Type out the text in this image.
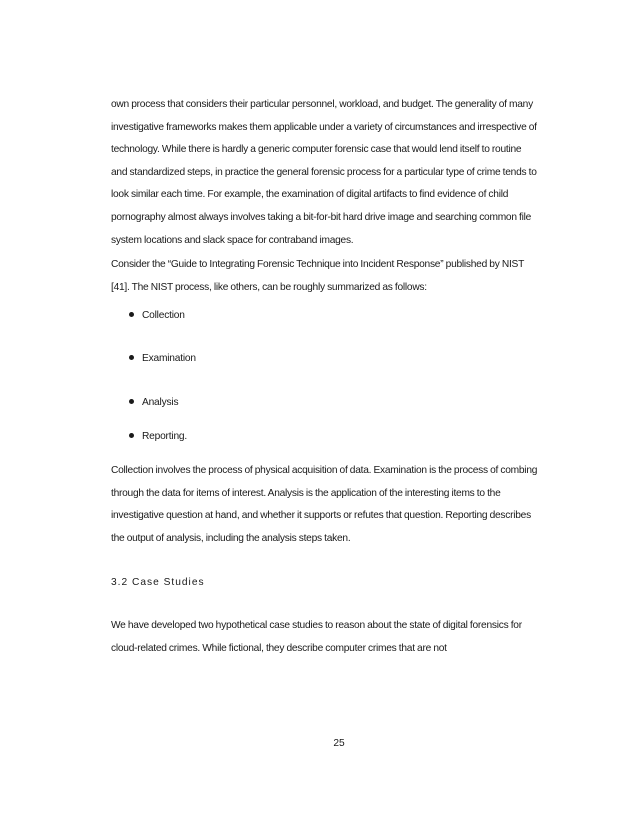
own process that considers their particular personnel, workload, and budget. The generality of many
investigative frameworks makes them applicable under a variety of circumstances and irrespective of
technology. While there is hardly a generic computer forensic case that would lend itself to routine
and standardized steps, in practice the general forensic process for a particular type of crime tends to
look similar each time. For example, the examination of digital artifacts to find evidence of child
pornography almost always involves taking a bit-for-bit hard drive image and searching common file
system locations and slack space for contraband images.

Consider the “Guide to Integrating Forensic Technique into Incident Response” published by NIST
[41]. The NIST process, like others, can be roughly summarized as follows:

Collection
Examination
Analysis
Reporting.

Collection involves the process of physical acquisition of data. Examination is the process of combing
through the data for items of interest. Analysis is the application of the interesting items to the
investigative question at hand, and whether it supports or refutes that question. Reporting describes
the output of analysis, including the analysis steps taken.

3.2 Case Studies

We have developed two hypothetical case studies to reason about the state of digital forensics for
cloud-related crimes. While fictional, they describe computer crimes that are not

25
